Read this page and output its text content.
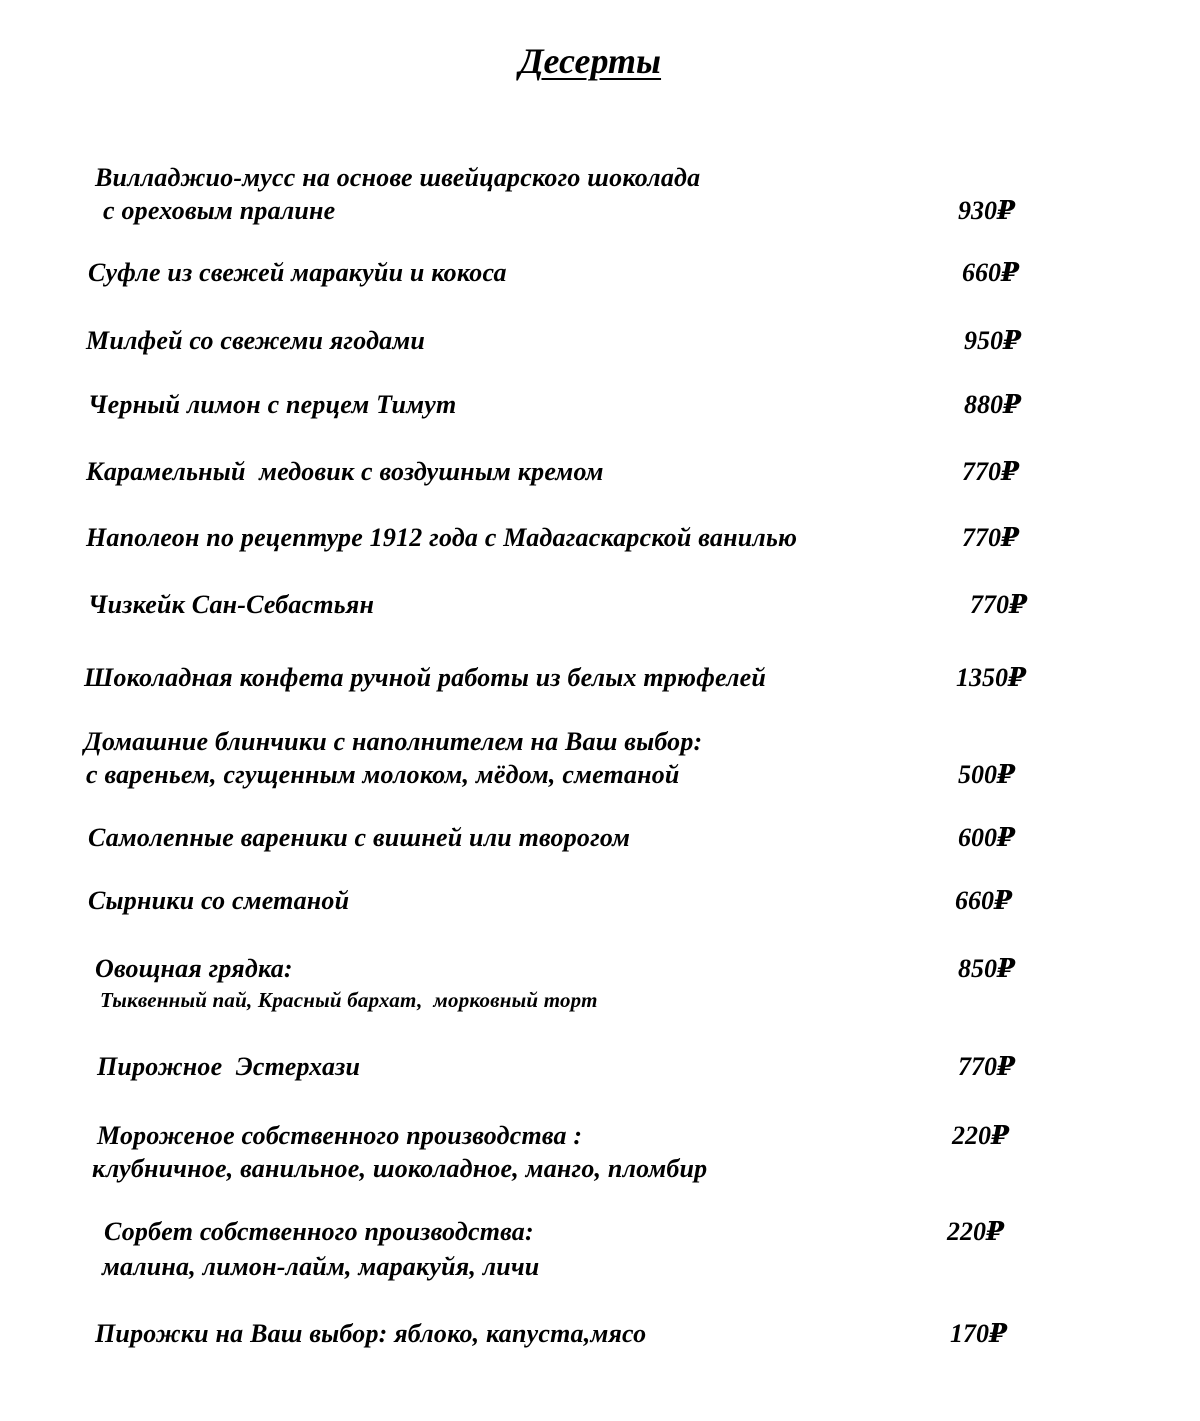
Десерты
Вилладжио-мусс на основе швейцарского шоколада
с ореховым пралине	930₽
Суфле из свежей маракуйи и кокоса	660₽
Милфей со свежеми ягодами	950₽
Черный лимон с перцем Тимут	880₽
Карамельный  медовик с воздушным кремом	770₽
Наполеон по рецептуре 1912 года с Мадагаскарской ванилью	770₽
Чизкейк Сан-Себастьян	770₽
Шоколадная конфета ручной работы из белых трюфелей	1350₽
Домашние блинчики с наполнителем на Ваш выбор:
с вареньем, сгущенным молоком, мёдом, сметаной	500₽
Самолепные вареники с вишней или творогом	600₽
Сырники со сметаной	660₽
Овощная грядка:	850₽
Тыквенный пай, Красный бархат,  морковный торт
Пирожное  Эстерхази	770₽
Мороженое собственного производства :	220₽
клубничное, ванильное, шоколадное, манго, пломбир
Сорбет собственного производства:	220₽
малина, лимон-лайм, маракуйя, личи
Пирожки на Ваш выбор: яблоко, капуста,мясо	170₽
